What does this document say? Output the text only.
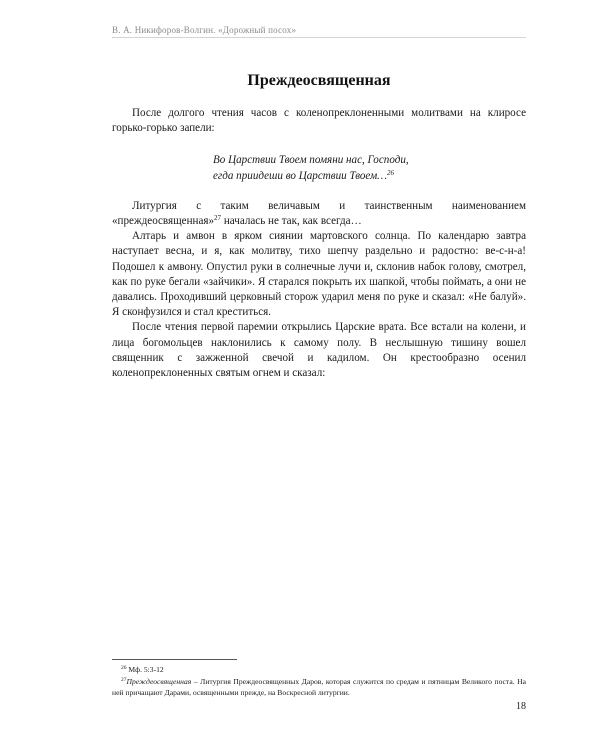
В. А. Никифоров-Волгин. «Дорожный посох»
Преждеосвященная

После долгого чтения часов с коленопреклоненными молитвами на клиросе горько-горько запели:

Во Царствии Твоем помяни нас, Господи,
егда приидеши во Царствии Твоем…$^{26}$

Литургия с таким величавым и таинственным наименованием «преждеосвященная»$^{27}$ началась не так, как всегда…

Алтарь и амвон в ярком сиянии мартовского солнца. По календарю завтра наступает весна, и я, как молитву, тихо шепчу раздельно и радостно: ве-с-н-а! Подошел к амвону. Опустил руки в солнечные лучи и, склонив набок голову, смотрел, как по руке бегали «зайчики». Я старался покрыть их шапкой, чтобы поймать, а они не давались. Проходивший церковный сторож ударил меня по руке и сказал: «Не балуй». Я сконфузился и стал креститься.

После чтения первой паремии открылись Царские врата. Все встали на колени, и лица богомольцев наклонились к самому полу. В неслышную тишину вошел священник с зажженной свечой и кадилом. Он крестообразно осенил коленопреклоненных святым огнем и сказал:

$^{26}$ Мф. 5:3-12

$^{27}$Преждеосвященная – Литургия Преждеосвященных Даров, которая служится по средам и пятницам Великого поста. На ней причащают Дарами, освященными прежде, на Воскресной литургии.

18
